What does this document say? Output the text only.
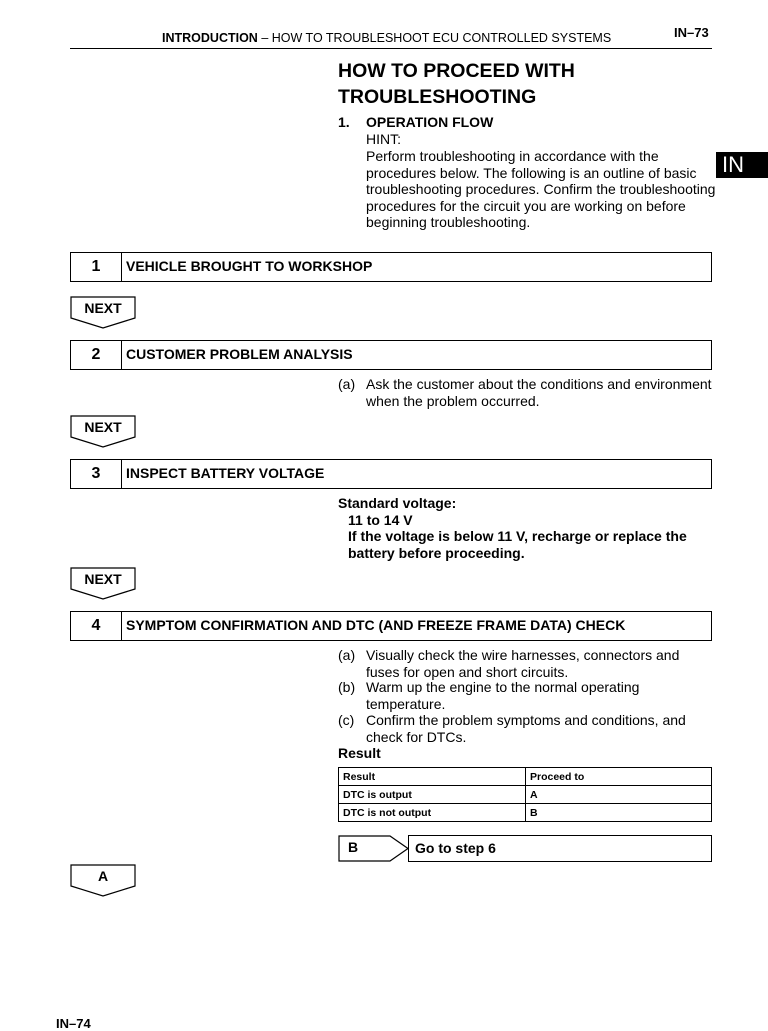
INTRODUCTION – HOW TO TROUBLESHOOT ECU CONTROLLED SYSTEMS	IN–73
IN
HOW TO PROCEED WITH TROUBLESHOOTING
1. OPERATION FLOW
HINT:
Perform troubleshooting in accordance with the procedures below. The following is an outline of basic troubleshooting procedures. Confirm the troubleshooting procedures for the circuit you are working on before beginning troubleshooting.
1	VEHICLE BROUGHT TO WORKSHOP
NEXT
2	CUSTOMER PROBLEM ANALYSIS
(a) Ask the customer about the conditions and environment when the problem occurred.
NEXT
3	INSPECT BATTERY VOLTAGE
Standard voltage:
11 to 14 V
If the voltage is below 11 V, recharge or replace the battery before proceeding.
NEXT
4	SYMPTOM CONFIRMATION AND DTC (AND FREEZE FRAME DATA) CHECK
(a) Visually check the wire harnesses, connectors and fuses for open and short circuits.
(b) Warm up the engine to the normal operating temperature.
(c) Confirm the problem symptoms and conditions, and check for DTCs.
Result
Result	Proceed to
DTC is output	A
DTC is not output	B
B	Go to step 6
A
IN–74
